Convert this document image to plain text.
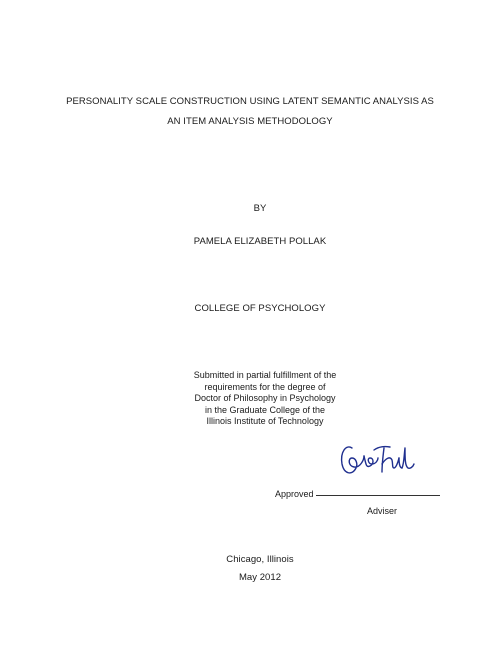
PERSONALITY SCALE CONSTRUCTION USING LATENT SEMANTIC ANALYSIS AS
AN ITEM ANALYSIS METHODOLOGY
BY
PAMELA ELIZABETH POLLAK
COLLEGE OF PSYCHOLOGY
Submitted in partial fulfillment of the
requirements for the degree of
Doctor of Philosophy in Psychology
in the Graduate College of the
Illinois Institute of Technology
Approved
Adviser
Chicago, Illinois
May 2012
